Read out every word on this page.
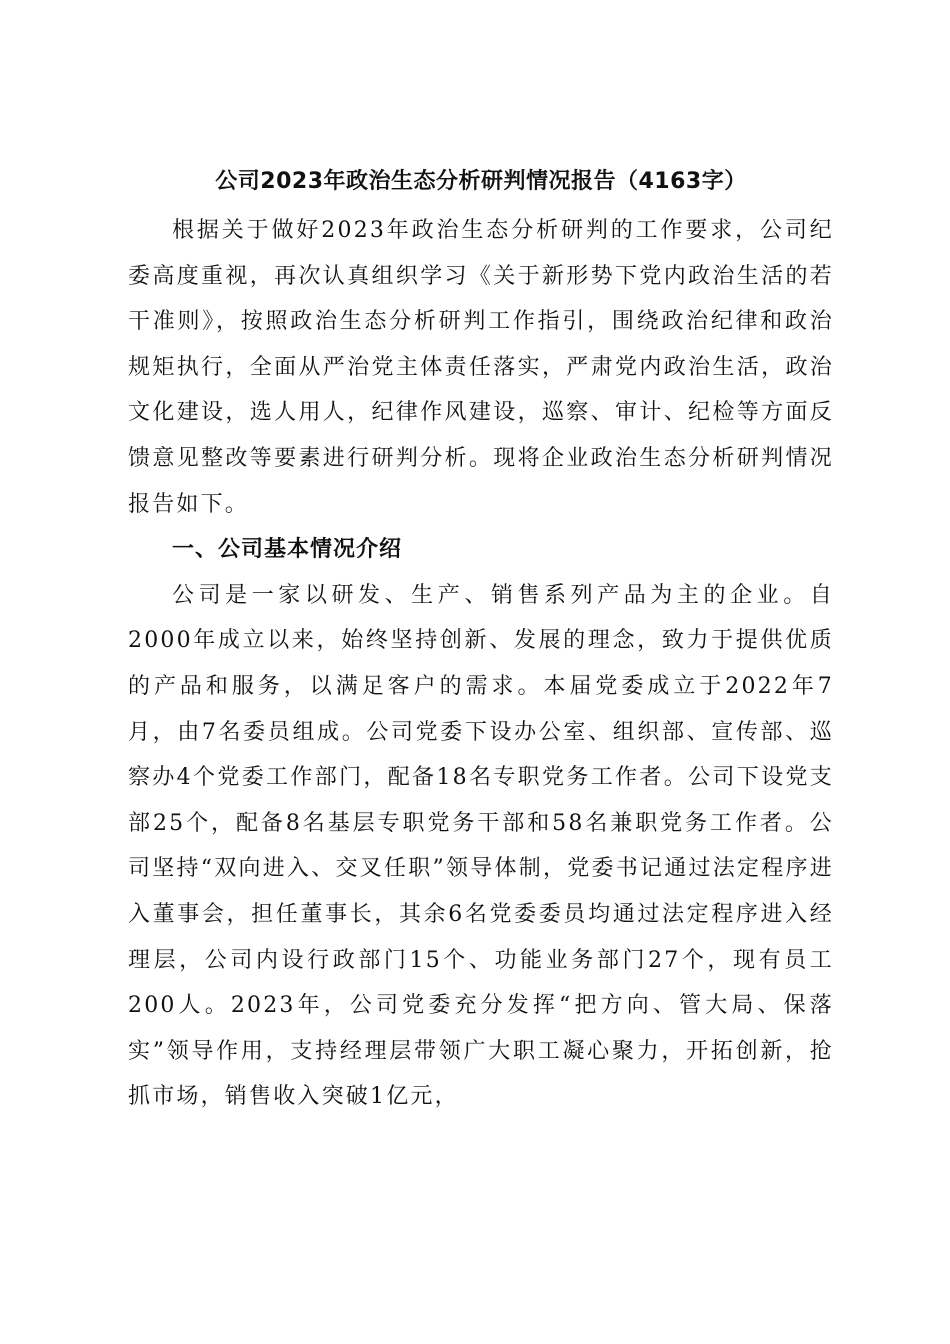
公司2023年政治生态分析研判情况报告（4163字）

根据关于做好2023年政治生态分析研判的工作要求，公司纪委高度重视，再次认真组织学习《关于新形势下党内政治生活的若干准则》，按照政治生态分析研判工作指引，围绕政治纪律和政治规矩执行，全面从严治党主体责任落实，严肃党内政治生活，政治文化建设，选人用人，纪律作风建设，巡察、审计、纪检等方面反馈意见整改等要素进行研判分析。现将企业政治生态分析研判情况报告如下。

一、公司基本情况介绍

公司是一家以研发、生产、销售系列产品为主的企业。自2000年成立以来，始终坚持创新、发展的理念，致力于提供优质的产品和服务，以满足客户的需求。本届党委成立于2022年7月，由7名委员组成。公司党委下设办公室、组织部、宣传部、巡察办4个党委工作部门，配备18名专职党务工作者。公司下设党支部25个，配备8名基层专职党务干部和58名兼职党务工作者。公司坚持“双向进入、交叉任职”领导体制，党委书记通过法定程序进入董事会，担任董事长，其余6名党委委员均通过法定程序进入经理层，公司内设行政部门15个、功能业务部门27个，现有员工200人。2023年，公司党委充分发挥“把方向、管大局、保落实”领导作用，支持经理层带领广大职工凝心聚力，开拓创新，抢抓市场，销售收入突破1亿元，
